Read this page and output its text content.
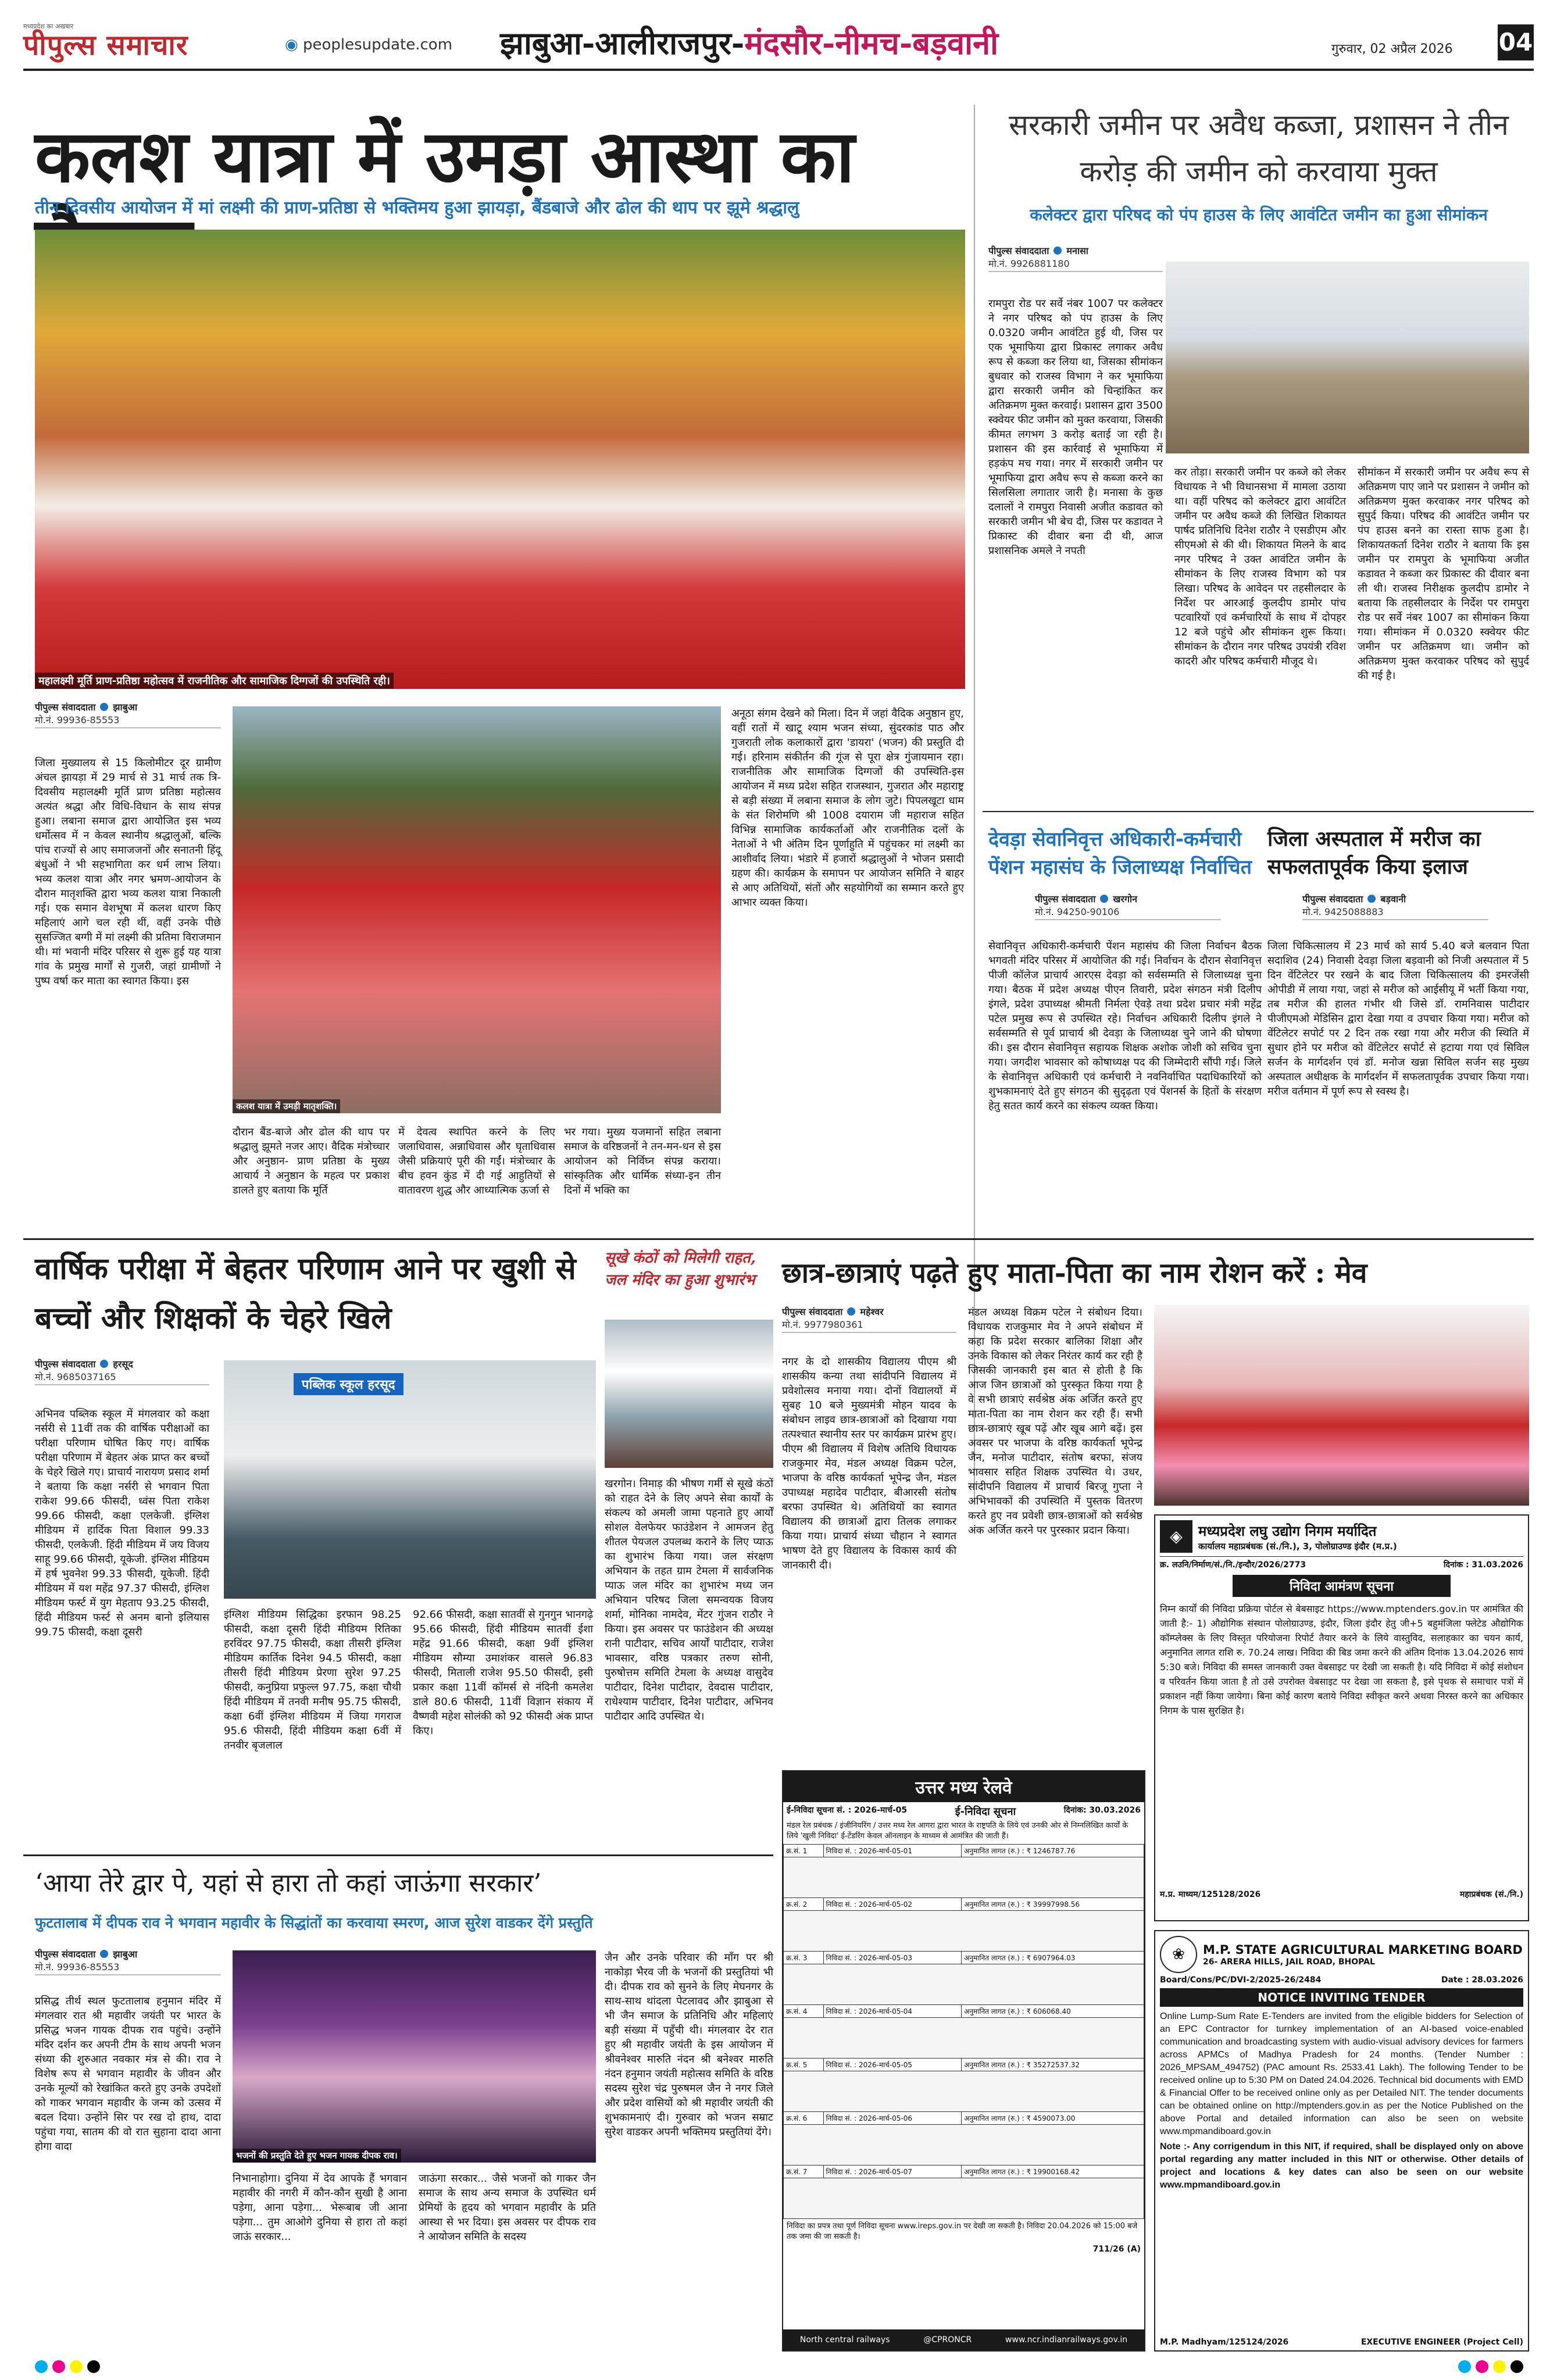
मध्यप्रदेश का अखबार
पीपुल्स समाचार	◉ peoplesupdate.com झाबुआ-आलीराजपुर-मंदसौर-नीमच-बड़वानी	गुरुवार, 02 अप्रैल 2026 04
कलश यात्रा में उमड़ा आस्था का
तीन दिवसीय आयोजन में मां लक्ष्मी की प्राण-प्रतिष्ठा से भक्तिमय हुआ झायड़ा, बैंडबाजे और ढोल की थाप पर झूमे श्रद्धालु
महालक्ष्मी मूर्ति प्राण-प्रतिष्ठा महोत्सव में राजनीतिक और सामाजिक दिग्गजों की उपस्थिति रही।
पीपुल्स संवाददाता झाबुआ
मो.नं. 99936-85553
जिला मुख्यालय से 15 किलोमीटर दूर ग्रामीण अंचल झायड़ा में 29 मार्च से 31 मार्च तक त्रि-दिवसीय महालक्ष्मी मूर्ति प्राण प्रतिष्ठा महोत्सव अत्यंत श्रद्धा और विधि-विधान के साथ संपन्न हुआ। लबाना समाज द्वारा आयोजित इस भव्य धर्मोत्सव में न केवल स्थानीय श्रद्धालुओं, बल्कि पांच राज्यों से आए समाजजनों और सनातनी हिंदू बंधुओं ने भी सहभागिता कर धर्म लाभ लिया। भव्य कलश यात्रा और नगर भ्रमण-आयोजन के दौरान मातृशक्ति द्वारा भव्य कलश यात्रा निकाली गई। एक समान वेशभूषा में कलश धारण किए महिलाएं आगे चल रही थीं, वहीं उनके पीछे सुसज्जित बग्गी में मां लक्ष्मी की प्रतिमा विराजमान थी। मां भवानी मंदिर परिसर से शुरू हुई यह यात्रा गांव के प्रमुख मार्गों से गुजरी, जहां ग्रामीणों ने पुष्प वर्षा कर माता का स्वागत किया। इस
कलश यात्रा में उमड़ी मातृशक्ति।
अनूठा संगम देखने को मिला। दिन में जहां वैदिक अनुष्ठान हुए, वहीं रातों में खाटू श्याम भजन संध्या, सुंदरकांड पाठ और गुजराती लोक कलाकारों द्वारा 'डायरा' (भजन) की प्रस्तुति दी गई। हरिनाम संकीर्तन की गूंज से पूरा क्षेत्र गुंजायमान रहा। राजनीतिक और सामाजिक दिग्गजों की उपस्थिति-इस आयोजन में मध्य प्रदेश सहित राजस्थान, गुजरात और महाराष्ट्र से बड़ी संख्या में लबाना समाज के लोग जुटे। पिपलखूटा धाम के संत शिरोमणि श्री 1008 दयाराम जी महाराज सहित विभिन्न सामाजिक कार्यकर्ताओं और राजनीतिक दलों के नेताओं ने भी अंतिम दिन पूर्णाहुति में पहुंचकर मां लक्ष्मी का आशीर्वाद लिया। भंडारे में हजारों श्रद्धालुओं ने भोजन प्रसादी ग्रहण की। कार्यक्रम के समापन पर आयोजन समिति ने बाहर से आए अतिथियों, संतों और सहयोगियों का सम्मान करते हुए आभार व्यक्त किया।
दौरान बैंड-बाजे और ढोल की थाप पर श्रद्धालु झूमते नजर आए। वैदिक मंत्रोच्चार और अनुष्ठान- प्राण प्रतिष्ठा के मुख्य आचार्य ने अनुष्ठान के महत्व पर प्रकाश डालते हुए बताया कि मूर्ति
में देवत्व स्थापित करने के लिए जलाधिवास, अन्नाधिवास और घृताधिवास जैसी प्रक्रियाएं पूरी की गईं। मंत्रोच्चार के बीच हवन कुंड में दी गई आहुतियों से वातावरण शुद्ध और आध्यात्मिक ऊर्जा से
भर गया। मुख्य यजमानों सहित लबाना समाज के वरिष्ठजनों ने तन-मन-धन से इस आयोजन को निर्विघ्न संपन्न कराया। सांस्कृतिक और धार्मिक संध्या-इन तीन दिनों में भक्ति का
सरकारी जमीन पर अवैध कब्जा, प्रशासन ने तीन करोड़ की जमीन को करवाया मुक्त
कलेक्टर द्वारा परिषद को पंप हाउस के लिए आवंटित जमीन का हुआ सीमांकन
पीपुल्स संवाददाता मनासा
मो.नं. 9926881180
रामपुरा रोड पर सर्वे नंबर 1007 पर कलेक्टर ने नगर परिषद को पंप हाउस के लिए 0.0320 जमीन आवंटित हुई थी, जिस पर एक भूमाफिया द्वारा प्रिकास्ट लगाकर अवैध रूप से कब्जा कर लिया था, जिसका सीमांकन बुधवार को राजस्व विभाग ने कर भूमाफिया द्वारा सरकारी जमीन को चिन्हांकित कर अतिक्रमण मुक्त करवाई। प्रशासन द्वारा 3500 स्क्वेयर फीट जमीन को मुक्त करवाया, जिसकी कीमत लगभग 3 करोड़ बताई जा रही है। प्रशासन की इस कार्रवाई से भूमाफिया में हड़कंप मच गया। नगर में सरकारी जमीन पर भूमाफिया द्वारा अवैध रूप से कब्जा करने का सिलसिला लगातार जारी है। मनासा के कुछ दलालों ने रामपुरा निवासी अजीत कडावत को सरकारी जमीन भी बेच दी, जिस पर कडावत ने प्रिकास्ट की दीवार बना दी थी, आज प्रशासनिक अमले ने नपती
कर तोड़ा। सरकारी जमीन पर कब्जे को लेकर विधायक ने भी विधानसभा में मामला उठाया था। वहीं परिषद को कलेक्टर द्वारा आवंटित जमीन पर अवैध कब्जे की लिखित शिकायत पार्षद प्रतिनिधि दिनेश राठौर ने एसडीएम और सीएमओ से की थी। शिकायत मिलने के बाद नगर परिषद ने उक्त आवंटित जमीन के सीमांकन के लिए राजस्व विभाग को पत्र लिखा। परिषद के आवेदन पर तहसीलदार के निर्देश पर आरआई कुलदीप डामोर पांच पटवारियों एवं कर्मचारियों के साथ में दोपहर 12 बजे पहुंचे और सीमांकन शुरू किया। सीमांकन के दौरान नगर परिषद उपयंत्री रविश कादरी और परिषद कर्मचारी मौजूद थे।
सीमांकन में सरकारी जमीन पर अवैध रूप से अतिक्रमण पाए जाने पर प्रशासन ने जमीन को अतिक्रमण मुक्त करवाकर नगर परिषद को सुपुर्द किया। परिषद की आवंटित जमीन पर पंप हाउस बनने का रास्ता साफ हुआ है। शिकायतकर्ता दिनेश राठौर ने बताया कि इस जमीन पर रामपुरा के भूमाफिया अजीत कडावत ने कब्जा कर प्रिकास्ट की दीवार बना ली थी। राजस्व निरीक्षक कुलदीप डामोर ने बताया कि तहसीलदार के निर्देश पर रामपुरा रोड पर सर्वे नंबर 1007 का सीमांकन किया गया। सीमांकन में 0.0320 स्क्वेयर फीट जमीन पर अतिक्रमण था। जमीन को अतिक्रमण मुक्त करवाकर परिषद को सुपुर्द की गई है।
देवड़ा सेवानिवृत्त अधिकारी-कर्मचारी पेंशन महासंघ के जिलाध्यक्ष निर्वाचित
पीपुल्स संवाददाता खरगोन
मो.नं. 94250-90106
सेवानिवृत्त अधिकारी-कर्मचारी पेंशन महासंघ की जिला निर्वाचन बैठक भगवती मंदिर परिसर में आयोजित की गई। निर्वाचन के दौरान सेवानिवृत्त पीजी कॉलेज प्राचार्य आरएस देवड़ा को सर्वसम्मति से जिलाध्यक्ष चुना गया। बैठक में प्रदेश अध्यक्ष पीएन तिवारी, प्रदेश संगठन मंत्री दिलीप इंगले, प्रदेश उपाध्यक्ष श्रीमती निर्मला ऐवड़े तथा प्रदेश प्रचार मंत्री महेंद्र पटेल प्रमुख रूप से उपस्थित रहे। निर्वाचन अधिकारी दिलीप इंगले ने सर्वसम्मति से पूर्व प्राचार्य श्री देवड़ा के जिलाध्यक्ष चुने जाने की घोषणा की। इस दौरान सेवानिवृत्त सहायक शिक्षक अशोक जोशी को सचिव चुना गया। जगदीश भावसार को कोषाध्यक्ष पद की जिम्मेदारी सौंपी गई। जिले के सेवानिवृत्त अधिकारी एवं कर्मचारी ने नवनिर्वाचित पदाधिकारियों को शुभकामनाएं देते हुए संगठन की सुदृढ़ता एवं पेंशनर्स के हितों के संरक्षण हेतु सतत कार्य करने का संकल्प व्यक्त किया।
जिला अस्पताल में मरीज का सफलतापूर्वक किया इलाज
पीपुल्स संवाददाता बड़वानी
मो.नं. 9425088883
जिला चिकित्सालय में 23 मार्च को सार्य 5.40 बजे बलवान पिता सदाशिव (24) निवासी देवड़ा जिला बड़वानी को निजी अस्पताल में 5 दिन वेंटिलेटर पर रखने के बाद जिला चिकित्सालय की इमरजेंसी ओपीडी में लाया गया, जहां से मरीज को आईसीयू में भर्ती किया गया, तब मरीज की हालत गंभीर थी जिसे डॉ. रामनिवास पाटीदार पीजीएमओ मेडिसिन द्वारा देखा गया व उपचार किया गया। मरीज को वेंटिलेटर सपोर्ट पर 2 दिन तक रखा गया और मरीज की स्थिति में सुधार होने पर मरीज को वेंटिलेटर सपोर्ट से हटाया गया एवं सिविल सर्जन के मार्गदर्शन एवं डॉ. मनोज खन्ना सिविल सर्जन सह मुख्य अस्पताल अधीक्षक के मार्गदर्शन में सफलतापूर्वक उपचार किया गया। मरीज वर्तमान में पूर्ण रूप से स्वस्थ है।
वार्षिक परीक्षा में बेहतर परिणाम आने पर खुशी से बच्चों और शिक्षकों के चेहरे खिले
पीपुल्स संवाददाता हरसूद
मो.नं. 9685037165
अभिनव पब्लिक स्कूल में मंगलवार को कक्षा नर्सरी से 11वीं तक की वार्षिक परीक्षाओं का परीक्षा परिणाम घोषित किए गए। वार्षिक परीक्षा परिणाम में बेहतर अंक प्राप्त कर बच्चों के चेहरे खिले गए। प्राचार्य नारायण प्रसाद शर्मा ने बताया कि कक्षा नर्सरी से भगवान पिता राकेश 99.66 फीसदी, ध्वंस पिता राकेश 99.66 फीसदी, कक्षा एलकेजी. इंग्लिश मीडियम में हार्दिक पिता विशाल 99.33 फीसदी, एलकेजी. हिंदी मीडियम में जय विजय साहू 99.66 फीसदी, यूकेजी. इंग्लिश मीडियम में हर्ष भुवनेश 99.33 फीसदी, यूकेजी. हिंदी मीडियम में यश महेंद्र 97.37 फीसदी, इंग्लिश मीडियम फर्स्ट में युग मेहताप 93.25 फीसदी, हिंदी मीडियम फर्स्ट से अनम बानो इलियास 99.75 फीसदी, कक्षा दूसरी
पब्लिक स्कूल हरसूद
इंग्लिश मीडियम सिद्धिका इरफान 98.25 फीसदी, कक्षा दूसरी हिंदी मीडियम रितिका हरविंदर 97.75 फीसदी, कक्षा तीसरी इंग्लिश मीडियम कार्तिक दिनेश 94.5 फीसदी, कक्षा तीसरी हिंदी मीडियम प्रेरणा सुरेश 97.25 फीसदी, कनुप्रिया प्रफुल्ल 97.75, कक्षा चौथी हिंदी मीडियम में तनवी मनीष 95.75 फीसदी, कक्षा 6वीं इंग्लिश मीडियम में जिया गगराज 95.6 फीसदी, हिंदी मीडियम कक्षा 6वीं में तनवीर बृजलाल
92.66 फीसदी, कक्षा सातवीं से गुनगुन भानगढ़े 95.66 फीसदी, हिंदी मीडियम सातवीं ईशा महेंद्र 91.66 फीसदी, कक्षा 9वीं इंग्लिश मीडियम सौम्या उमाशंकर वासले 96.83 फीसदी, मिताली राजेश 95.50 फीसदी, इसी प्रकार कक्षा 11वीं कॉमर्स से नंदिनी कमलेश डाले 80.6 फीसदी, 11वीं विज्ञान संकाय में वैष्णवी महेश सोलंकी को 92 फीसदी अंक प्राप्त किए।
सूखे कंठों को मिलेगी राहत, जल मंदिर का हुआ शुभारंभ
खरगोन। निमाड़ की भीषण गर्मी से सूखे कंठों को राहत देने के लिए अपने सेवा कार्यों के संकल्प को अमली जामा पहनाते हुए आर्यों सोशल वेलफेयर फाउंडेशन ने आमजन हेतु शीतल पेयजल उपलब्ध कराने के लिए प्याऊ का शुभारंभ किया गया। जल संरक्षण अभियान के तहत ग्राम टेमला में सार्वजनिक प्याऊ जल मंदिर का शुभारंभ मध्य जन अभियान परिषद जिला समन्वयक विजय शर्मा, मोनिका नामदेव, मेंटर गुंजन राठौर ने किया। इस अवसर पर फाउंडेशन की अध्यक्ष रानी पाटीदार, सचिव आर्यों पाटीदार, राजेश भावसार, वरिष्ठ पत्रकार तरुण सोनी, पुरुषोत्तम समिति टेमला के अध्यक्ष वासुदेव पाटीदार, दिनेश पाटीदार, देवदास पाटीदार, राधेश्याम पाटीदार, दिनेश पाटीदार, अभिनव पाटीदार आदि उपस्थित थे।
छात्र-छात्राएं पढ़ते हुए माता-पिता का नाम रोशन करें : मेव
पीपुल्स संवाददाता महेश्वर
मो.नं. 9977980361
नगर के दो शासकीय विद्यालय पीएम श्री शासकीय कन्या तथा सांदीपनि विद्यालय में प्रवेशोत्सव मनाया गया। दोनों विद्यालयों में सुबह 10 बजे मुख्यमंत्री मोहन यादव के संबोधन लाइव छात्र-छात्राओं को दिखाया गया तत्पश्चात स्थानीय स्तर पर कार्यक्रम प्रारंभ हुए। पीएम श्री विद्यालय में विशेष अतिथि विधायक राजकुमार मेव, मंडल अध्यक्ष विक्रम पटेल, भाजपा के वरिष्ठ कार्यकर्ता भूपेन्द्र जैन, मंडल उपाध्यक्ष महादेव पाटीदार, बीआरसी संतोष बरफा उपस्थित थे। अतिथियों का स्वागत विद्यालय की छात्राओं द्वारा तिलक लगाकर किया गया। प्राचार्य संध्या चौहान ने स्वागत भाषण देते हुए विद्यालय के विकास कार्य की जानकारी दी।
मंडल अध्यक्ष विक्रम पटेल ने संबोधन दिया। विधायक राजकुमार मेव ने अपने संबोधन में कहा कि प्रदेश सरकार बालिका शिक्षा और उनके विकास को लेकर निरंतर कार्य कर रही है जिसकी जानकारी इस बात से होती है कि आज जिन छात्राओं को पुरस्कृत किया गया है वे सभी छात्राएं सर्वश्रेष्ठ अंक अर्जित करते हुए माता-पिता का नाम रोशन कर रही हैं। सभी छात्र-छात्राएं खूब पढ़ें और खूब आगे बढ़ें। इस अवसर पर भाजपा के वरिष्ठ कार्यकर्ता भूपेन्द्र जैन, मनोज पाटीदार, संतोष बरफा, संजय भावसार सहित शिक्षक उपस्थित थे। उधर, सांदीपनि विद्यालय में प्राचार्य बिरजू गुप्ता ने अभिभावकों की उपस्थिति में पुस्तक वितरण करते हुए नव प्रवेशी छात्र-छात्राओं को सर्वश्रेष्ठ अंक अर्जित करने पर पुरस्कार प्रदान किया।	◈	मध्यप्रदेश लघु उद्योग निगम मर्यादित
कार्यालय महाप्रबंधक (सं./नि.), 3, पोलोग्राउण्ड इंदौर (म.प्र.)
क्र. लउनि/निर्माण/सं./नि./इन्दौर/2026/2773	दिनांक : 31.03.2026
निविदा आमंत्रण सूचना
निम्न कार्यों की निविदा प्रक्रिया पोर्टल से बेबसाइट https://www.mptenders.gov.in पर आमंत्रित की जाती है:- 1) औद्योगिक संस्थान पोलोग्राउण्ड, इंदौर, जिला इंदौर हेतु जी+5 बहुमंजिला फ्लेटेड औद्योगिक कॉम्प्लेक्स के लिए विस्तृत परियोजना रिपोर्ट तैयार करने के लिये वास्तुविद, सलाहकार का चयन कार्य, अनुमानित लागत राशि रु. 70.24 लाख। निविदा की बिड जमा करने की अंतिम दिनांक 13.04.2026 सायं 5:30 बजे। निविदा की समस्त जानकारी उक्त वेबसाइट पर देखी जा सकती है। यदि निविदा में कोई संशोधन व परिवर्तन किया जाता है तो उसे उपरोक्त वेबसाइट पर देखा जा सकता है, इसे पृथक से समाचार पत्रों में प्रकाशन नहीं किया जायेगा। बिना कोई कारण बताये निविदा स्वीकृत करने अथवा निरस्त करने का अधिकार निगम के पास सुरक्षित है।
म.प्र. माध्यम/125128/2026	महाप्रबंधक (सं./नि.)
उत्तर मध्य रेलवे
ई-निविदा सूचना सं. : 2026-मार्च-05	ई-निविदा सूचना	दिनांक: 30.03.2026
मंडल रेल प्रबंधक / इंजीनियरिंग / उत्तर मध्य रेल आगरा द्वारा भारत के राष्ट्रपति के लिये एवं उनकी ओर से निम्नलिखित कार्यों के लिये 'खुली निविदा' ई-टेंडरिंग केवल ऑनलाइन के माध्यम से आमंत्रित की जाती हैं।
क्र.सं. 1	निविदा सं. : 2026-मार्च-05-01	अनुमानित लागत (रु.) : ₹ 1246787.76

क्र.सं. 2	निविदा सं. : 2026-मार्च-05-02	अनुमानित लागत (रु.) : ₹ 39997998.56

क्र.सं. 3	निविदा सं. : 2026-मार्च-05-03	अनुमानित लागत (रु.) : ₹ 6907964.03

क्र.सं. 4	निविदा सं. : 2026-मार्च-05-04	अनुमानित लागत (रु.) : ₹ 606068.40

क्र.सं. 5	निविदा सं. : 2026-मार्च-05-05	अनुमानित लागत (रु.) : ₹ 35272537.32

क्र.सं. 6	निविदा सं. : 2026-मार्च-05-06	अनुमानित लागत (रु.) : ₹ 4590073.00

क्र.सं. 7	निविदा सं. : 2026-मार्च-05-07	अनुमानित लागत (रु.) : ₹ 19900168.42

निविदा का प्रपत्र तथा पूर्ण निविदा सूचना www.ireps.gov.in पर देखी जा सकती है। निविदा 20.04.2026 को 15:00 बजे तक जमा की जा सकती है।
711/26 (A)
North central railways	@CPRONCR	www.ncr.indianrailways.gov.in
❀	M.P. STATE AGRICULTURAL MARKETING BOARD
26- ARERA HILLS, JAIL ROAD, BHOPAL
Board/Cons/PC/DVI-2/2025-26/2484	Date : 28.03.2026
NOTICE INVITING TENDER
Online Lump-Sum Rate E-Tenders are invited from the eligible bidders for Selection of an EPC Contractor for turnkey implementation of an AI-based voice-enabled communication and broadcasting system with audio-visual advisory devices for farmers across APMCs of Madhya Pradesh for 24 months. (Tender Number : 2026_MPSAM_494752) (PAC amount Rs. 2533.41 Lakh). The following Tender to be received online up to 5:30 PM on Dated 24.04.2026. Technical bid documents with EMD & Financial Offer to be received online only as per Detailed NIT. The tender documents can be obtained online on http://mptenders.gov.in as per the Notice Published on the above Portal and detailed information can also be seen on website www.mpmandiboard.gov.in
Note :- Any corrigendum in this NIT, if required, shall be displayed only on above portal regarding any matter included in this NIT or otherwise. Other details of project and locations & key dates can also be seen on our website www.mpmandiboard.gov.in
M.P. Madhyam/125124/2026	EXECUTIVE ENGINEER (Project Cell)
‘आया तेरे द्वार पे, यहां से हारा तो कहां जाऊंगा सरकार’
फुटतालाब में दीपक राव ने भगवान महावीर के सिद्धांतों का करवाया स्मरण, आज सुरेश वाडकर देंगे प्रस्तुति
पीपुल्स संवाददाता झाबुआ
मो.नं. 99936-85553
प्रसिद्ध तीर्थ स्थल फुटतालाब हनुमान मंदिर में मंगलवार रात श्री महावीर जयंती पर भारत के प्रसिद्ध भजन गायक दीपक राव पहुंचे। उन्होंने मंदिर दर्शन कर अपनी टीम के साथ अपनी भजन संध्या की शुरुआत नवकार मंत्र से की। राव ने विशेष रूप से भगवान महावीर के जीवन और उनके मूल्यों को रेखांकित करते हुए उनके उपदेशों को गाकर भगवान महावीर के जन्म को उत्सव में बदल दिया। उन्होंने सिर पर रख दो हाथ, दादा पहुंचा गया, सातम की वो रात सुहाना दादा आना होगा वादा
भजनों की प्रस्तुति देते हुए भजन गायक दीपक राव।
निभानाहोगा। दुनिया में देव आपके हैं भगवान महावीर की नगरी में कौन-कौन सुखी है आना पड़ेगा, आना पड़ेगा... भेरूबाब जी आना पड़ेगा... तुम आओगे दुनिया से हारा तो कहां जाऊं सरकार...
जाऊंगा सरकार... जैसे भजनों को गाकर जैन समाज के साथ अन्य समाज के उपस्थित धर्म प्रेमियों के हृदय को भगवान महावीर के प्रति आस्था से भर दिया। इस अवसर पर दीपक राव ने आयोजन समिति के सदस्य
जैन और उनके परिवार की माँग पर श्री नाकोड़ा भैरव जी के भजनों की प्रस्तुतियां भी दी। दीपक राव को सुनने के लिए मेघनगर के साथ-साथ थांदला पेटलावद और झाबुआ से भी जैन समाज के प्रतिनिधि और महिलाएं बड़ी संख्या में पहुँची थी। मंगलवार देर रात हुए श्री महावीर जयंती के इस आयोजन में श्रीवनेश्वर मारुति नंदन श्री बनेश्वर मारुति नंदन हनुमान जयंती महोत्सव समिति के वरिष्ठ सदस्य सुरेश चंद्र पुरुषमल जैन ने नगर जिले और प्रदेश वासियों को श्री महावीर जयंती की शुभकामनाएं दी। गुरुवार को भजन सम्राट सुरेश वाडकर अपनी भक्तिमय प्रस्तुतियां देंगे।
